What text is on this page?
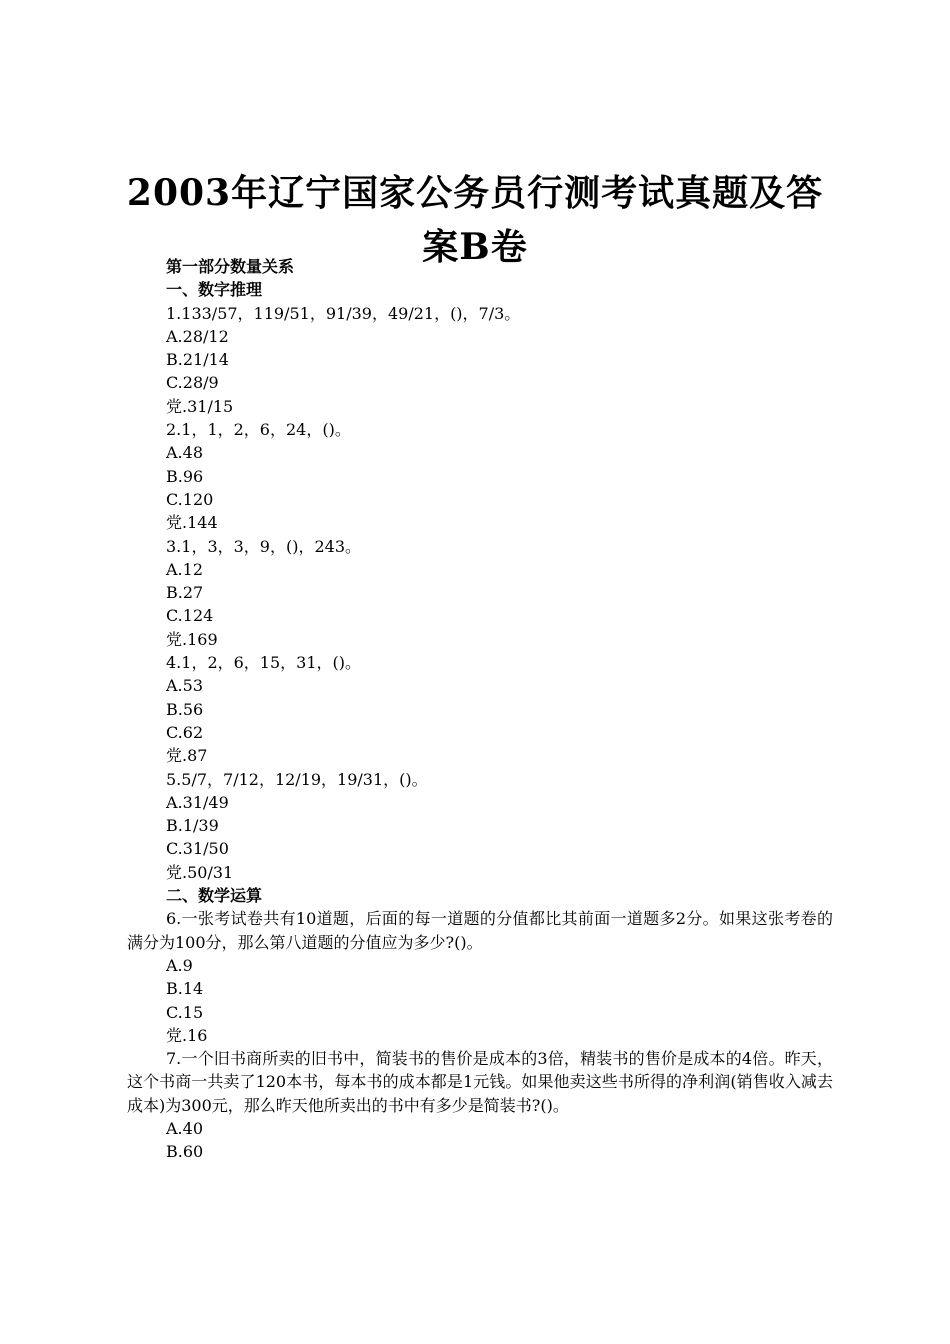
2003年辽宁国家公务员行测考试真题及答案B卷
第一部分数量关系
一、数字推理
1.133/57，119/51，91/39，49/21，()，7/3。
A.28/12
B.21/14
C.28/9
党.31/15
2.1，1，2，6，24，()。
A.48
B.96
C.120
党.144
3.1，3，3，9，()，243。
A.12
B.27
C.124
党.169
4.1，2，6，15，31，()。
A.53
B.56
C.62
党.87
5.5/7，7/12，12/19，19/31，()。
A.31/49
B.1/39
C.31/50
党.50/31
二、数学运算

6.一张考试卷共有10道题，后面的每一道题的分值都比其前面一道题多2分。如果这张考卷的满分为100分，那么第八道题的分值应为多少?()。

A.9
B.14
C.15
党.16

7.一个旧书商所卖的旧书中，简装书的售价是成本的3倍，精装书的售价是成本的4倍。昨天，这个书商一共卖了120本书，每本书的成本都是1元钱。如果他卖这些书所得的净利润(销售收入减去成本)为300元，那么昨天他所卖出的书中有多少是简装书?()。

A.40
B.60
